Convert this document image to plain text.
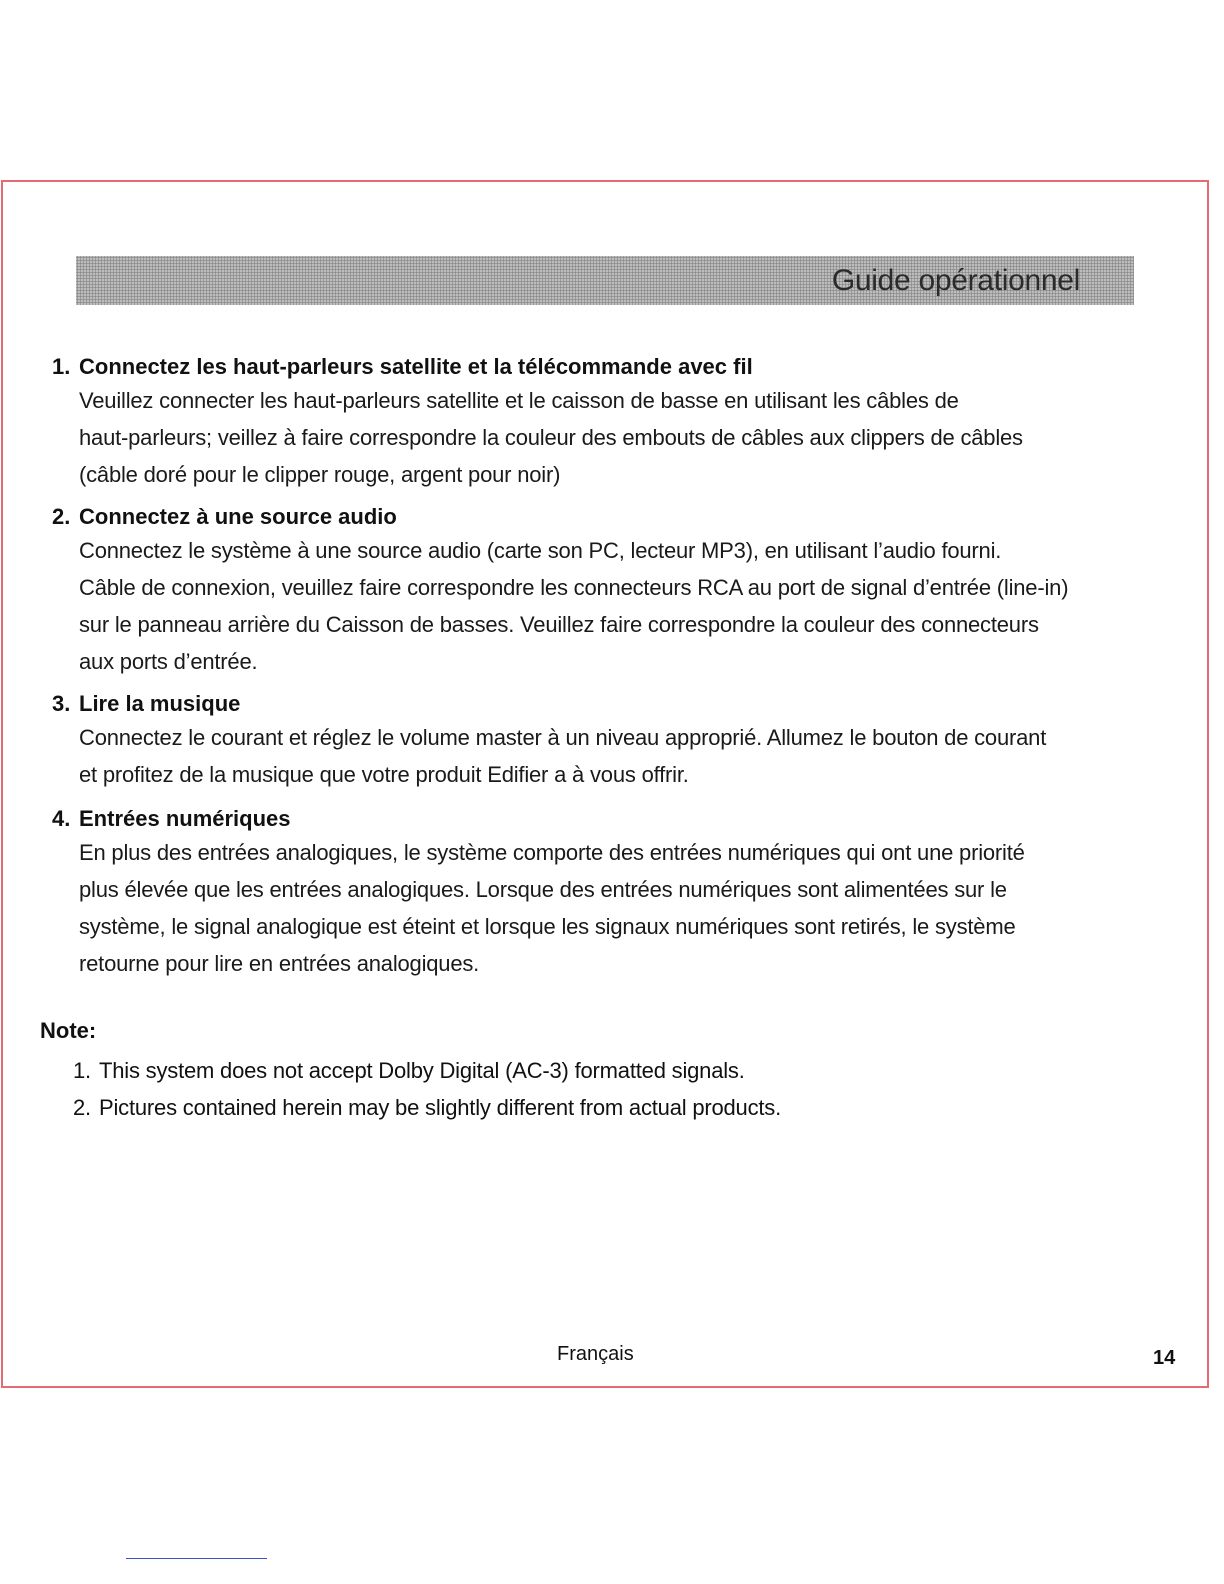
Guide opérationnel
1. Connectez les haut-parleurs satellite et la télécommande avec fil

Veuillez connecter les haut-parleurs satellite et le caisson de basse en utilisant les câbles de

haut-parleurs; veillez à faire correspondre la couleur des embouts de câbles aux clippers de câbles

(câble doré pour le clipper rouge, argent pour noir)

2. Connectez à une source audio

Connectez le système à une source audio (carte son PC, lecteur MP3), en utilisant l’audio fourni.

Câble de connexion, veuillez faire correspondre les connecteurs RCA au port de signal d’entrée (line-in)

sur le panneau arrière du Caisson de basses. Veuillez faire correspondre la couleur des connecteurs

aux ports d’entrée.

3. Lire la musique

Connectez le courant et réglez le volume master à un niveau approprié. Allumez le bouton de courant

et profitez de la musique que votre produit Edifier a à vous offrir.

4. Entrées numériques

En plus des entrées analogiques, le système comporte des entrées numériques qui ont une priorité

plus élevée que les entrées analogiques. Lorsque des entrées numériques sont alimentées sur le

système, le signal analogique est éteint et lorsque les signaux numériques sont retirés, le système

retourne pour lire en entrées analogiques.

Note:
1. This system does not accept Dolby Digital (AC-3) formatted signals.
2. Pictures contained herein may be slightly different from actual products.
Français	14
